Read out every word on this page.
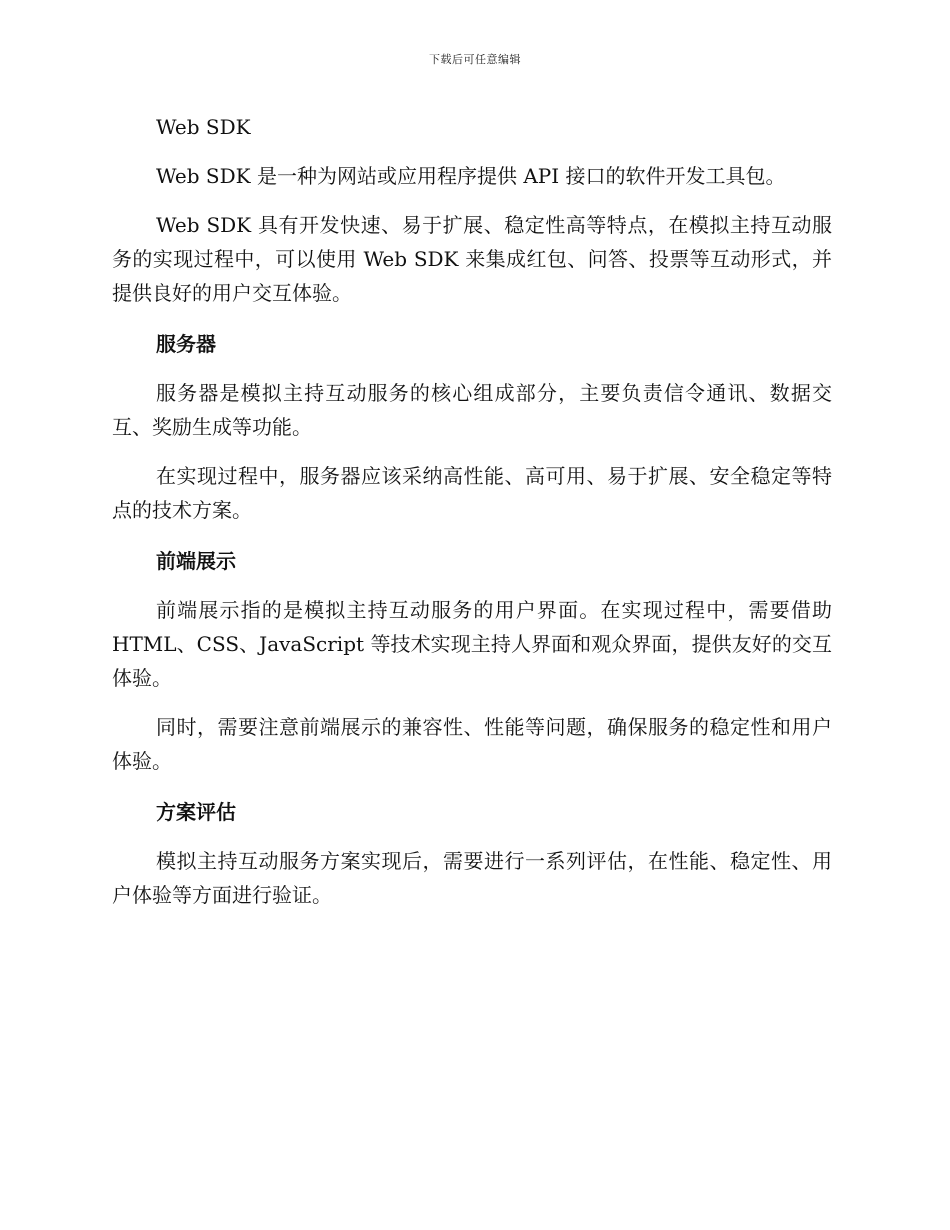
下载后可任意编辑
Web SDK

Web SDK 是一种为网站或应用程序提供 API 接口的软件开发工具包。

Web SDK 具有开发快速、易于扩展、稳定性高等特点，在模拟主持互动服务的实现过程中，可以使用 Web SDK 来集成红包、问答、投票等互动形式，并提供良好的用户交互体验。

服务器

服务器是模拟主持互动服务的核心组成部分，主要负责信令通讯、数据交互、奖励生成等功能。

在实现过程中，服务器应该采纳高性能、高可用、易于扩展、安全稳定等特点的技术方案。

前端展示

前端展示指的是模拟主持互动服务的用户界面。在实现过程中，需要借助 HTML、CSS、JavaScript 等技术实现主持人界面和观众界面，提供友好的交互体验。

同时，需要注意前端展示的兼容性、性能等问题，确保服务的稳定性和用户体验。

方案评估

模拟主持互动服务方案实现后，需要进行一系列评估，在性能、稳定性、用户体验等方面进行验证。
